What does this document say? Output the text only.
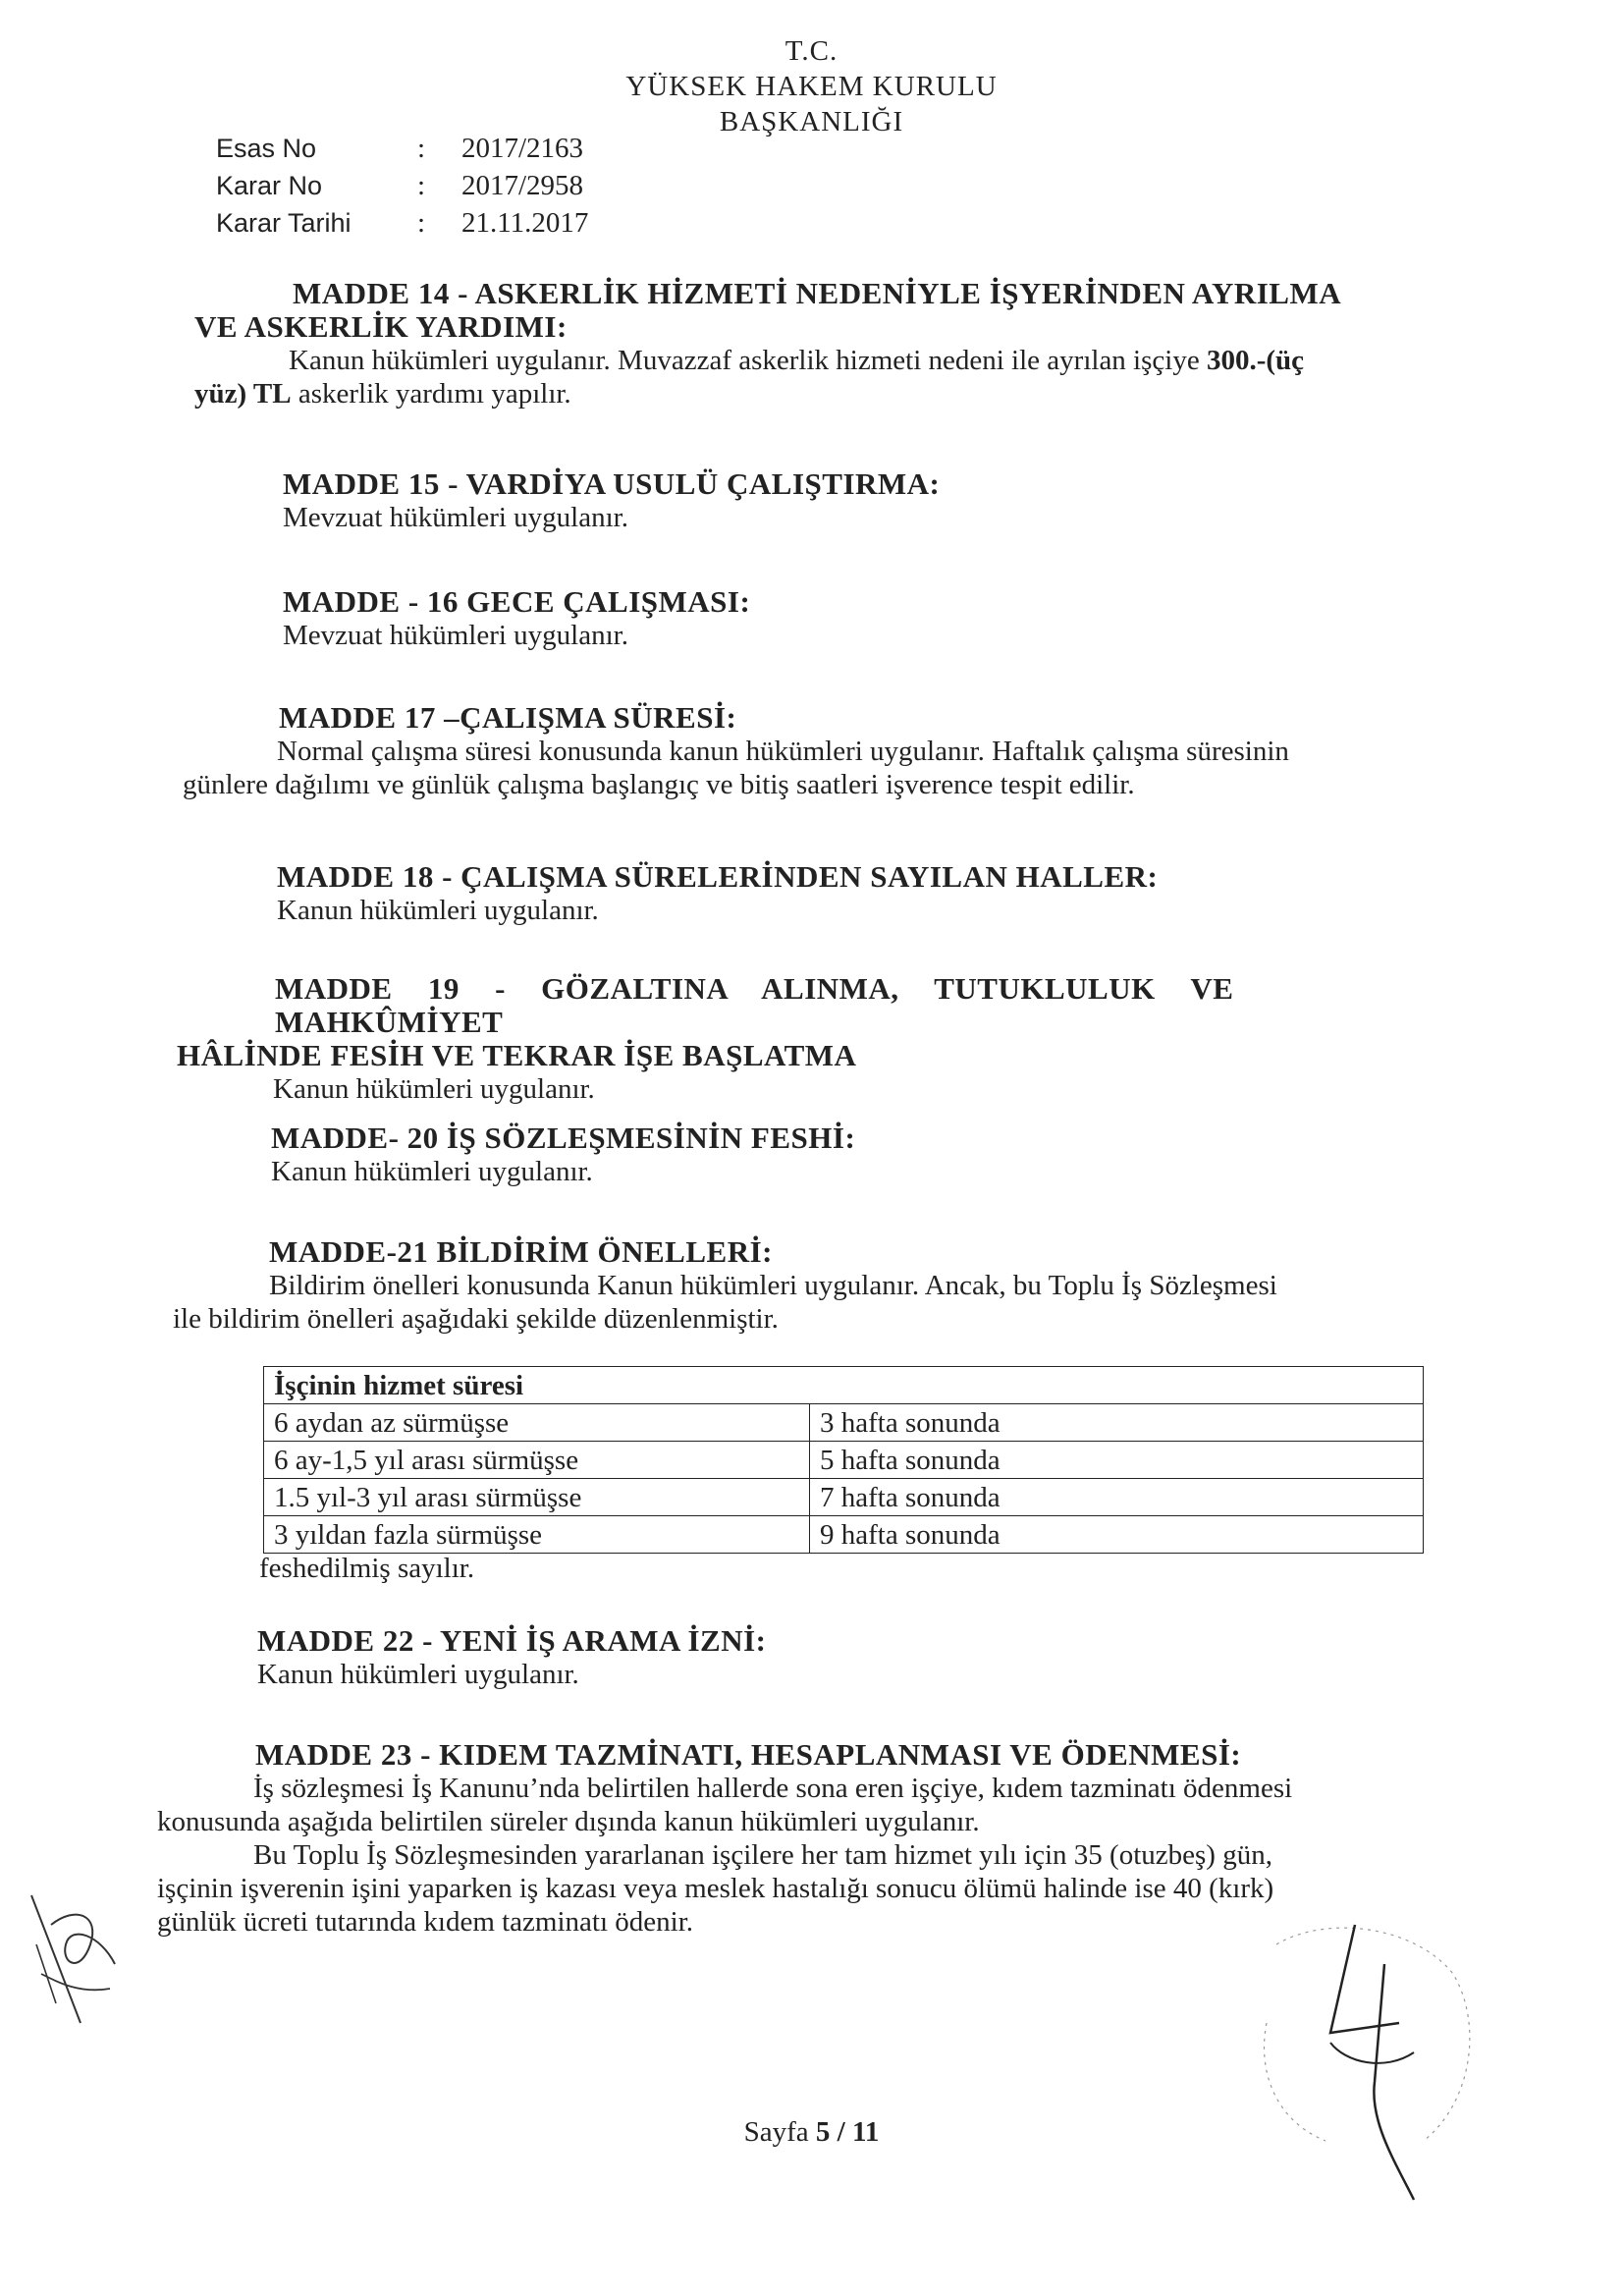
T.C.
YÜKSEK HAKEM KURULU
BAŞKANLIĞI
Esas No	:	2017/2163
Karar No	:	2017/2958
Karar Tarihi	:	21.11.2017
MADDE 14 - ASKERLİK HİZMETİ NEDENİYLE İŞYERİNDEN AYRILMA
VE ASKERLİK YARDIMI:
Kanun hükümleri uygulanır. Muvazzaf askerlik hizmeti nedeni ile ayrılan işçiye 300.-(üç
yüz) TL askerlik yardımı yapılır.
MADDE 15 - VARDİYA USULÜ ÇALIŞTIRMA:
Mevzuat hükümleri uygulanır.
MADDE - 16 GECE ÇALIŞMASI:
Mevzuat hükümleri uygulanır.
MADDE 17 –ÇALIŞMA SÜRESİ:
Normal çalışma süresi konusunda kanun hükümleri uygulanır. Haftalık çalışma süresinin
günlere dağılımı ve günlük çalışma başlangıç ve bitiş saatleri işverence tespit edilir.
MADDE 18 - ÇALIŞMA SÜRELERİNDEN SAYILAN HALLER:
Kanun hükümleri uygulanır.
MADDE 19 - GÖZALTINA ALINMA, TUTUKLULUK VE MAHKÛMİYET
HÂLİNDE FESİH VE TEKRAR İŞE BAŞLATMA
Kanun hükümleri uygulanır.
MADDE- 20 İŞ SÖZLEŞMESİNİN FESHİ:
Kanun hükümleri uygulanır.
MADDE-21 BİLDİRİM ÖNELLERİ:
Bildirim önelleri konusunda Kanun hükümleri uygulanır. Ancak, bu Toplu İş Sözleşmesi
ile bildirim önelleri aşağıdaki şekilde düzenlenmiştir.
İşçinin hizmet süresi	
6 aydan az sürmüşse	3 hafta sonunda
6 ay-1,5 yıl arası sürmüşse	5 hafta sonunda
1.5 yıl-3 yıl arası sürmüşse	7 hafta sonunda
3 yıldan fazla sürmüşse	9 hafta sonunda
feshedilmiş sayılır.
MADDE 22 - YENİ İŞ ARAMA İZNİ:
Kanun hükümleri uygulanır.
MADDE 23 - KIDEM TAZMİNATI, HESAPLANMASI VE ÖDENMESİ:
İş sözleşmesi İş Kanunu’nda belirtilen hallerde sona eren işçiye, kıdem tazminatı ödenmesi
konusunda aşağıda belirtilen süreler dışında kanun hükümleri uygulanır.
Bu Toplu İş Sözleşmesinden yararlanan işçilere her tam hizmet yılı için 35 (otuzbeş) gün,
işçinin işverenin işini yaparken iş kazası veya meslek hastalığı sonucu ölümü halinde ise 40 (kırk)
günlük ücreti tutarında kıdem tazminatı ödenir.
Sayfa 5 / 11
